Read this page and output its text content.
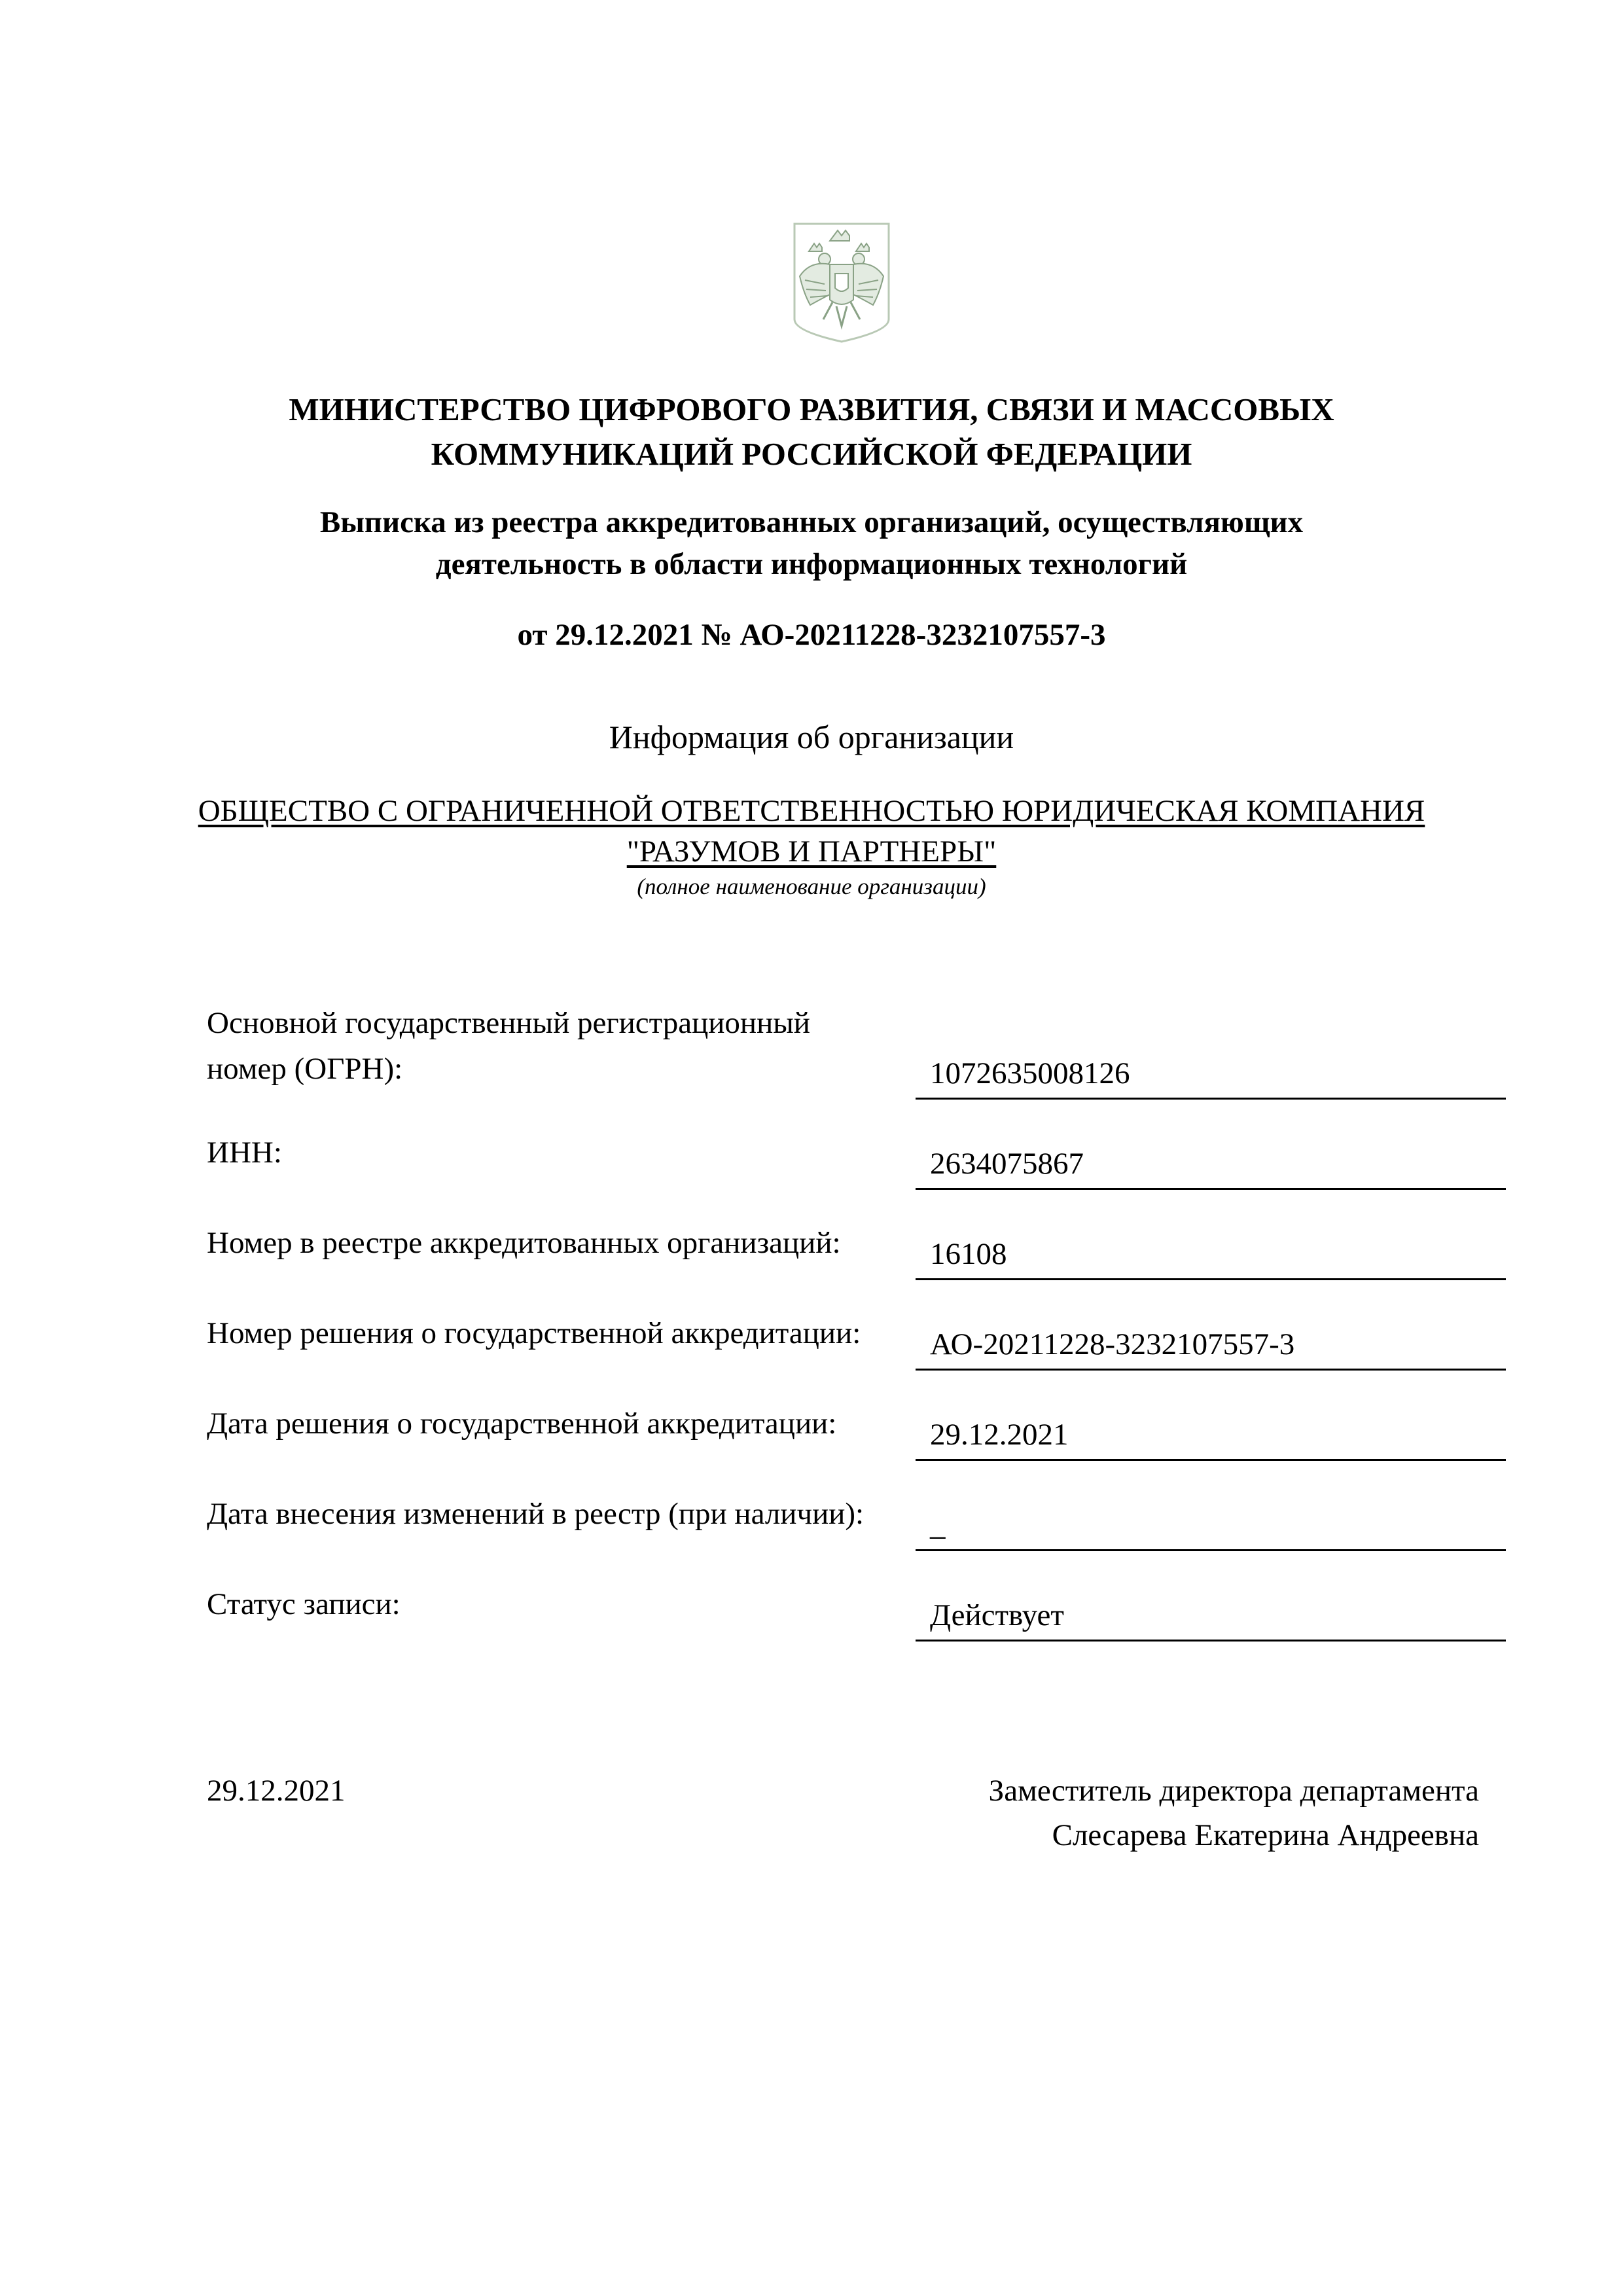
МИНИСТЕРСТВО ЦИФРОВОГО РАЗВИТИЯ, СВЯЗИ И МАССОВЫХ
КОММУНИКАЦИЙ РОССИЙСКОЙ ФЕДЕРАЦИИ
Выписка из реестра аккредитованных организаций, осуществляющих
деятельность в области информационных технологий
от 29.12.2021 № АО-20211228-3232107557-3
Информация об организации
ОБЩЕСТВО С ОГРАНИЧЕННОЙ ОТВЕТСТВЕННОСТЬЮ ЮРИДИЧЕСКАЯ КОМПАНИЯ
"РАЗУМОВ И ПАРТНЕРЫ"
(полное наименование организации)
Основной государственный регистрационный
номер (ОГРН):	1072635008126
ИНН:	2634075867
Номер в реестре аккредитованных организаций:	16108
Номер решения о государственной аккредитации:	АО-20211228-3232107557-3
Дата решения о государственной аккредитации:	29.12.2021
Дата внесения изменений в реестр (при наличии):	_
Статус записи:	Действует
29.12.2021	Заместитель директора департамента
Слесарева Екатерина Андреевна
